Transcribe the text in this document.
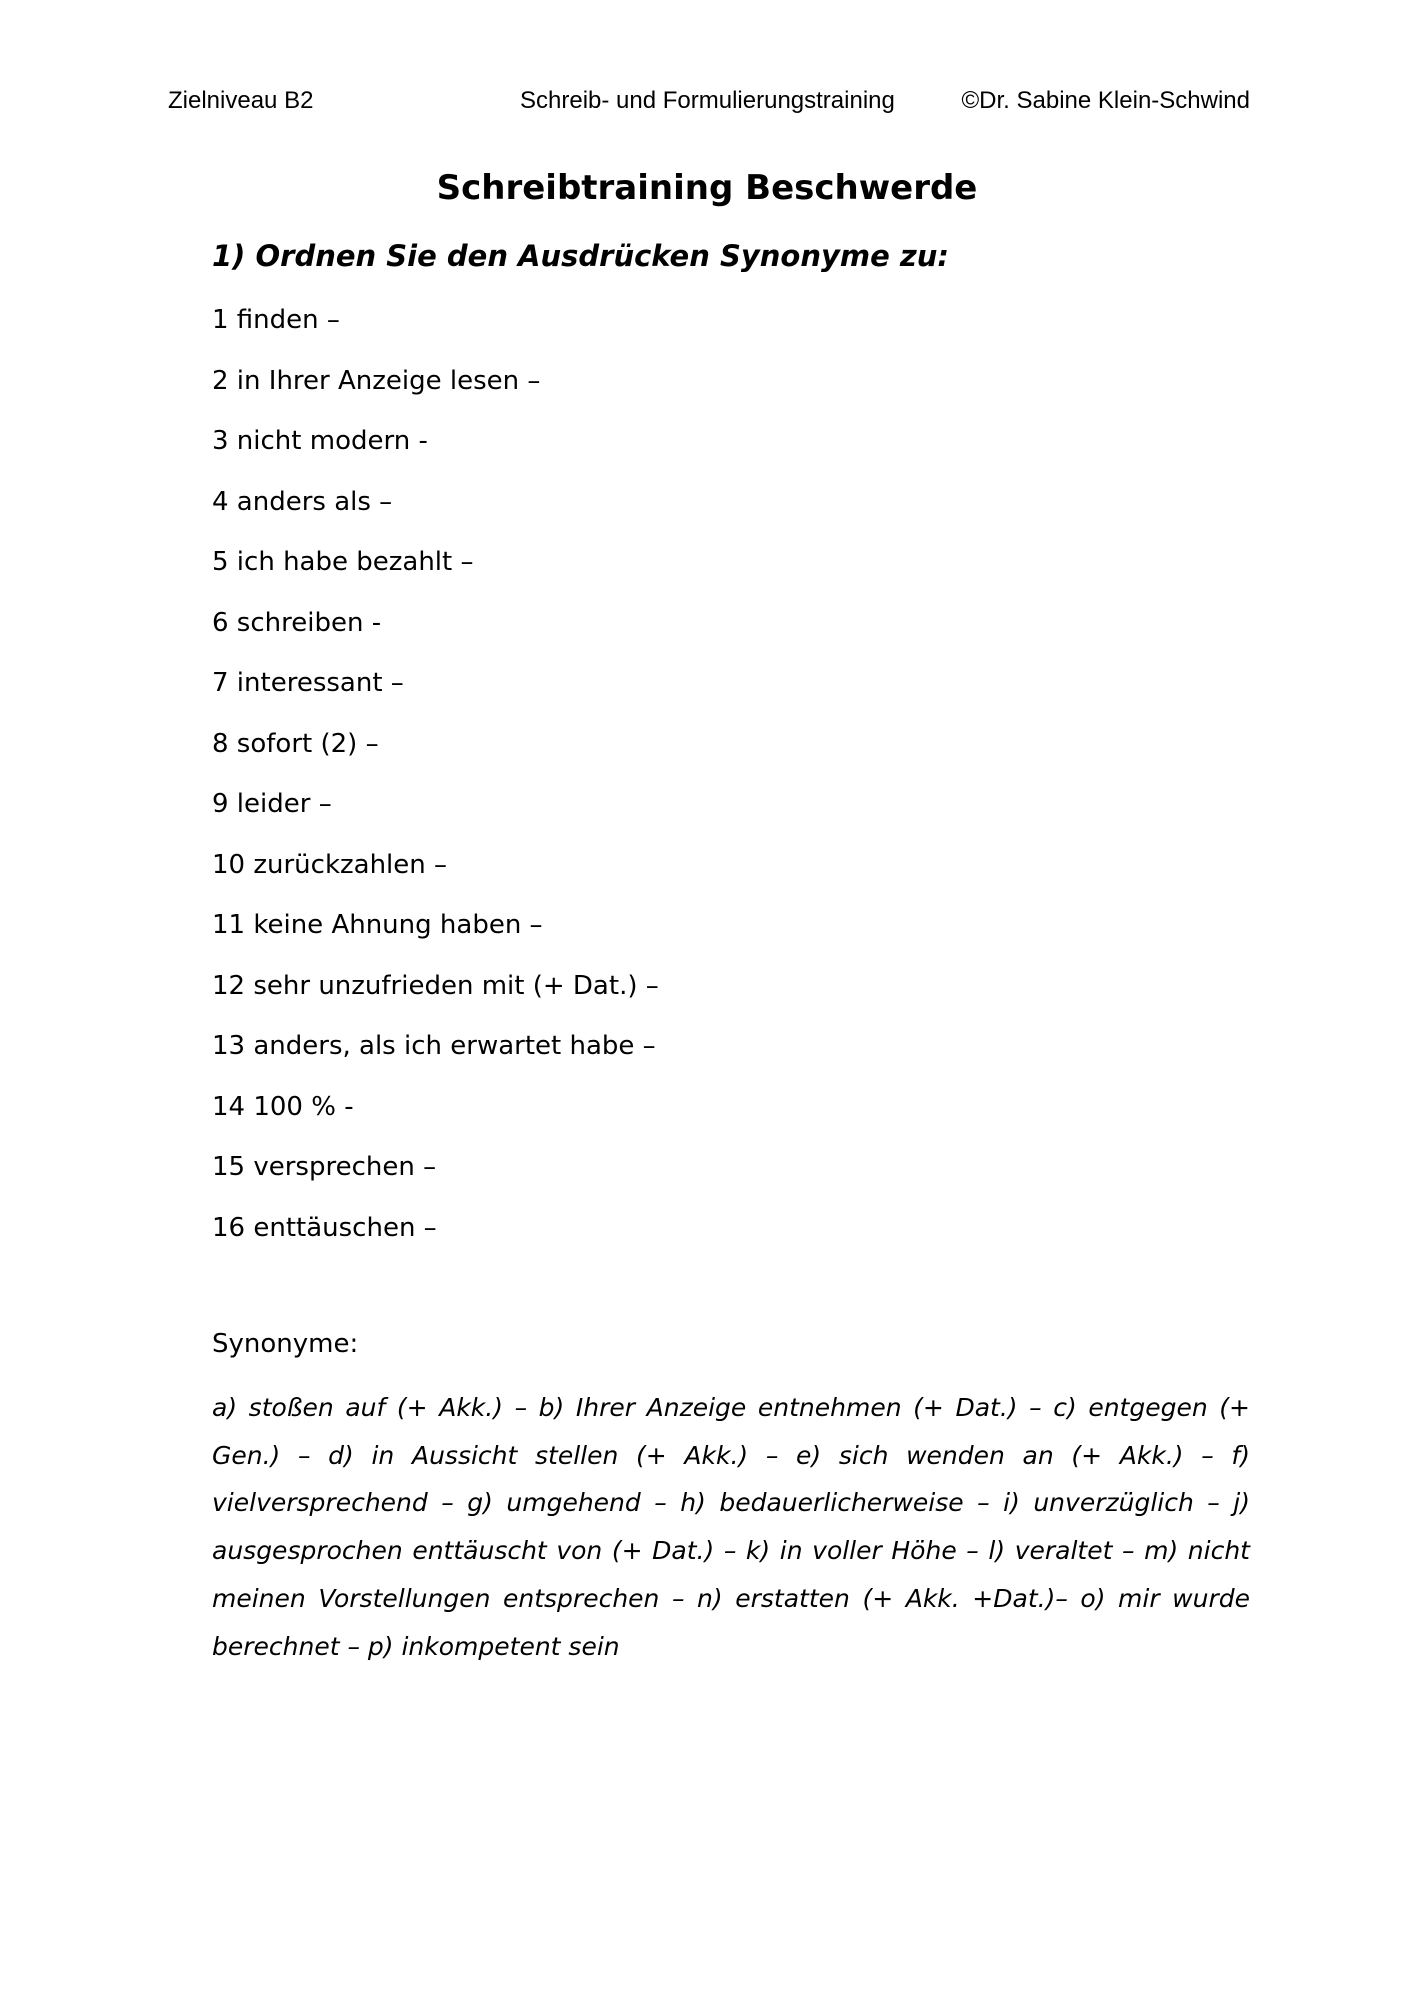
Zielniveau B2	Schreib- und Formulierungstraining	©Dr. Sabine Klein-Schwind
Schreibtraining Beschwerde
1) Ordnen Sie den Ausdrücken Synonyme zu:
1 finden –
2 in Ihrer Anzeige lesen –
3 nicht modern -
4 anders als –
5 ich habe bezahlt –
6 schreiben -
7 interessant –
8 sofort (2) –
9 leider –
10 zurückzahlen –
11 keine Ahnung haben –
12 sehr unzufrieden mit (+ Dat.) –
13 anders, als ich erwartet habe –
14 100 % -
15 versprechen –
16 enttäuschen –

Synonyme:

a) stoßen auf (+ Akk.) – b) Ihrer Anzeige entnehmen (+ Dat.) – c) entgegen (+ Gen.) – d) in Aussicht stellen (+ Akk.) – e) sich wenden an (+ Akk.) – f) vielversprechend – g) umgehend – h) bedauerlicherweise – i) unverzüglich – j) ausgesprochen enttäuscht von (+ Dat.) – k) in voller Höhe – l) veraltet – m) nicht meinen Vorstellungen entsprechen – n) erstatten (+ Akk. +Dat.)– o) mir wurde berechnet – p) inkompetent sein
